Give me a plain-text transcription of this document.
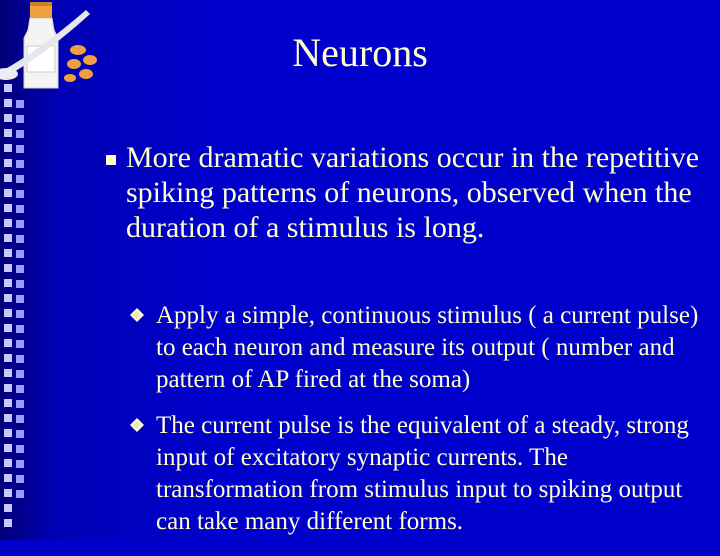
Neurons
More dramatic variations occur in the repetitive spiking patterns of neurons, observed when the duration of a stimulus is long.
Apply a simple, continuous stimulus ( a current pulse) to each neuron and measure its output ( number and pattern of AP fired at the soma)
The current pulse is the equivalent of a steady, strong input of excitatory synaptic currents. The transformation from stimulus input to spiking output can take many different forms.
